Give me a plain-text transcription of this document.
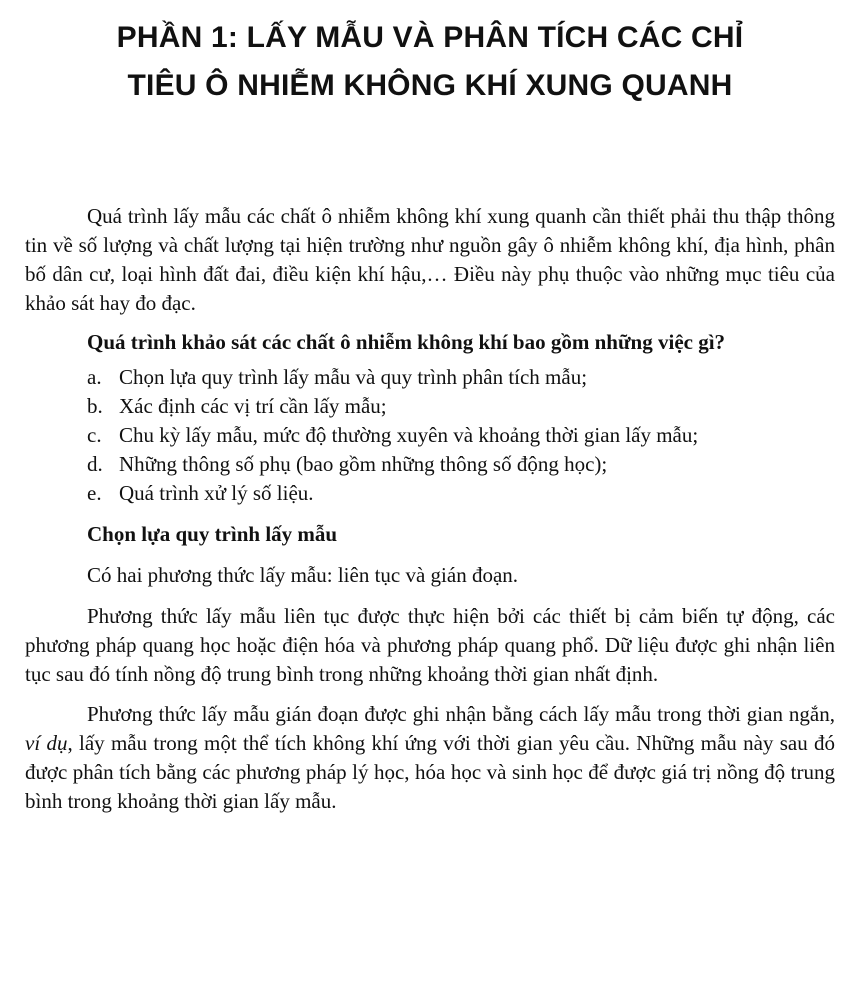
PHẦN 1: LẤY MẪU VÀ PHÂN TÍCH CÁC CHỈ
TIÊU Ô NHIỄM KHÔNG KHÍ XUNG QUANH

Quá trình lấy mẫu các chất ô nhiễm không khí xung quanh cần thiết phải thu thập thông tin về số lượng và chất lượng tại hiện trường như nguồn gây ô nhiễm không khí, địa hình, phân bố dân cư, loại hình đất đai, điều kiện khí hậu,… Điều này phụ thuộc vào những mục tiêu của khảo sát hay đo đạc.

Quá trình khảo sát các chất ô nhiễm không khí bao gồm những việc gì?

a. Chọn lựa quy trình lấy mẫu và quy trình phân tích mẫu;
b. Xác định các vị trí cần lấy mẫu;
c. Chu kỳ lấy mẫu, mức độ thường xuyên và khoảng thời gian lấy mẫu;
d. Những thông số phụ (bao gồm những thông số động học);
e. Quá trình xử lý số liệu.

Chọn lựa quy trình lấy mẫu

Có hai phương thức lấy mẫu: liên tục và gián đoạn.

Phương thức lấy mẫu liên tục được thực hiện bởi các thiết bị cảm biến tự động, các phương pháp quang học hoặc điện hóa và phương pháp quang phổ. Dữ liệu được ghi nhận liên tục sau đó tính nồng độ trung bình trong những khoảng thời gian nhất định.

Phương thức lấy mẫu gián đoạn được ghi nhận bằng cách lấy mẫu trong thời gian ngắn, ví dụ, lấy mẫu trong một thể tích không khí ứng với thời gian yêu cầu. Những mẫu này sau đó được phân tích bằng các phương pháp lý học, hóa học và sinh học để được giá trị nồng độ trung bình trong khoảng thời gian lấy mẫu.
